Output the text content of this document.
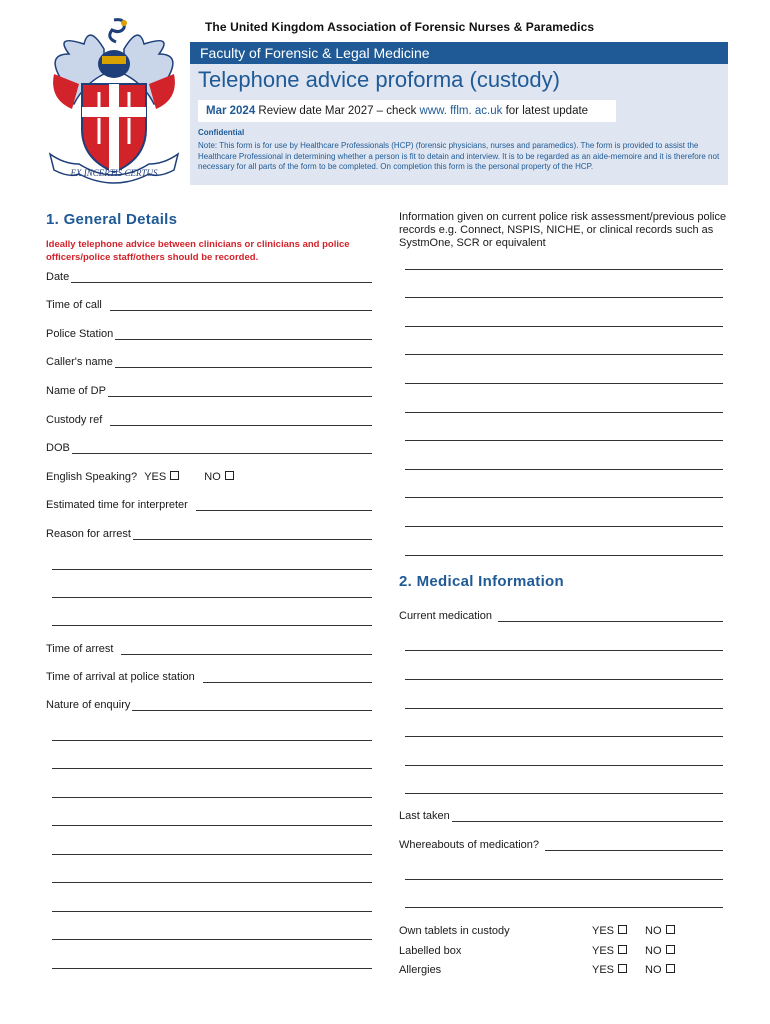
The United Kingdom Association of Forensic Nurses & Paramedics
EX INCERTIS CERTUS
Faculty of Forensic & Legal Medicine
Telephone advice proforma (custody)
Mar 2024 Review date Mar 2027 – check www. fflm. ac.uk for latest update
Confidential
Note: This form is for use by Healthcare Professionals (HCP) (forensic physicians, nurses and paramedics). The form is provided to assist the Healthcare Professional in determining whether a person is fit to detain and interview. It is to be regarded as an aide-memoire and it is therefore not necessary for all parts of the form to be completed. On completion this form is the personal property of the HCP.
1. General Details
Ideally telephone advice between clinicians or clinicians and police officers/police staff/others should be recorded.
Date
Time of call
Police Station
Caller's name
Name of DP
Custody ref
DOB
English Speaking? YES	NO
Estimated time for interpreter
Reason for arrest
Time of arrest
Time of arrival at police station
Nature of enquiry
Information given on current police risk assessment/previous police records e.g. Connect, NSPIS, NICHE, or clinical records such as SystmOne, SCR or equivalent
2. Medical Information
Current medication
Last taken
Whereabouts of medication?
Own tablets in custody	YES	NO
Labelled box	YES	NO
Allergies	YES	NO
